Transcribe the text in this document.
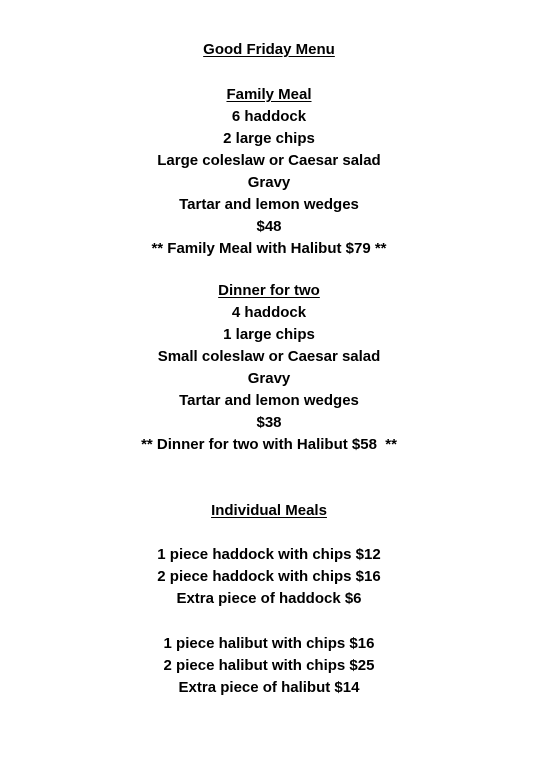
Good Friday Menu

Family Meal

6 haddock

2 large chips

Large coleslaw or Caesar salad

Gravy

Tartar and lemon wedges

$48

** Family Meal with Halibut $79 **

Dinner for two

4 haddock

1 large chips

Small coleslaw or Caesar salad

Gravy

Tartar and lemon wedges

$38

** Dinner for two with Halibut $58  **

Individual Meals

1 piece haddock with chips $12

2 piece haddock with chips $16

Extra piece of haddock $6

1 piece halibut with chips $16

2 piece halibut with chips $25

Extra piece of halibut $14
